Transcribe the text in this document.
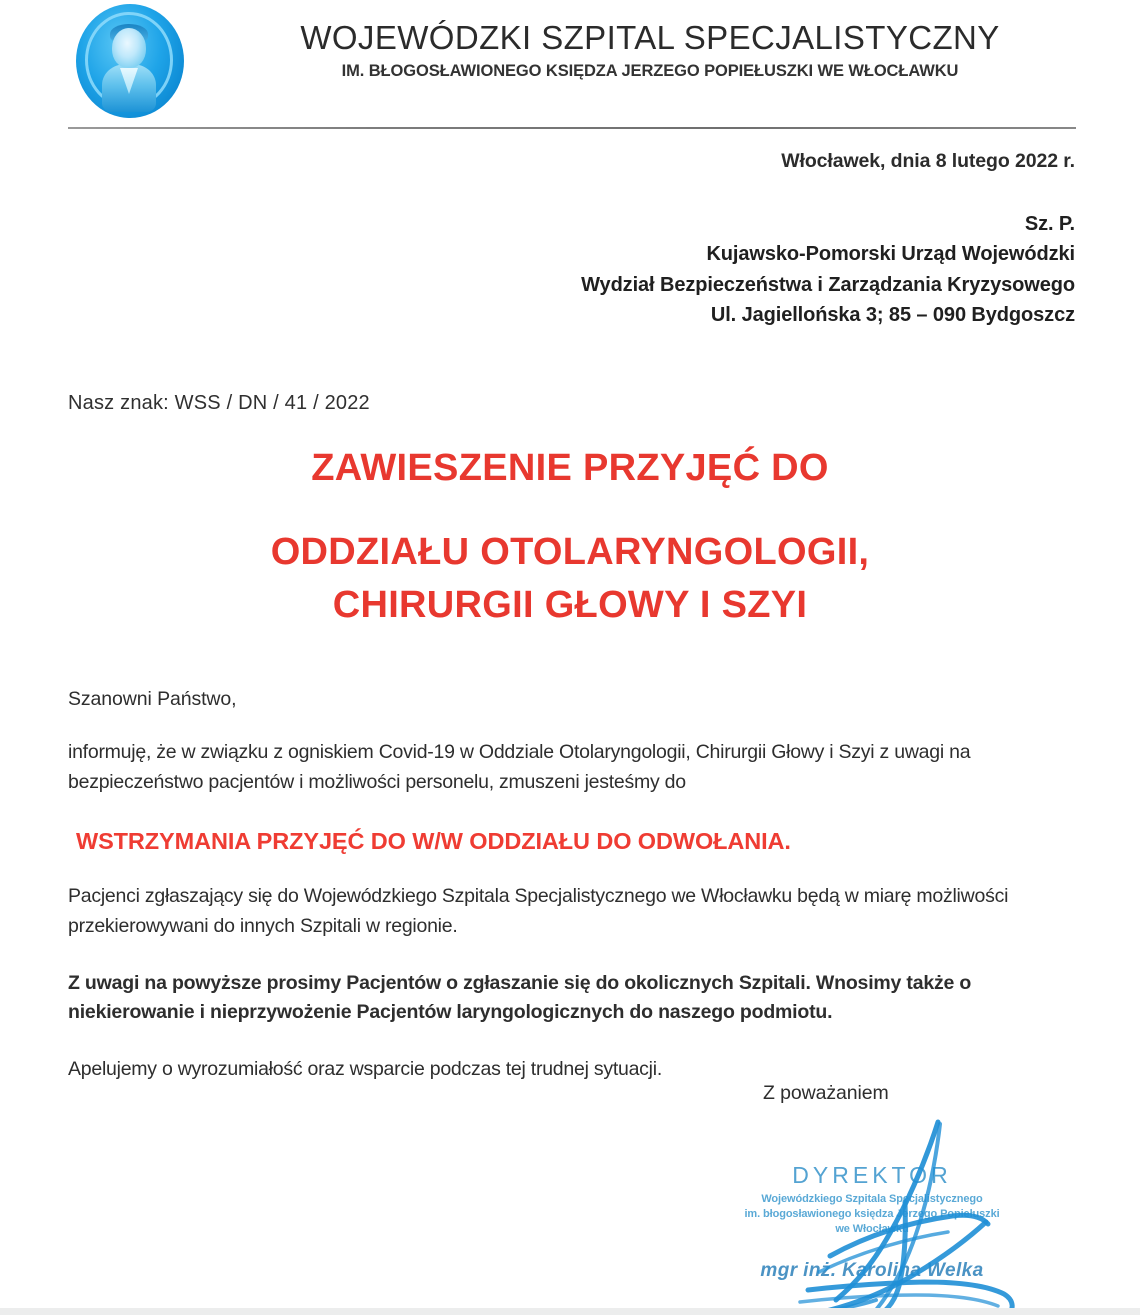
WOJEWÓDZKI SZPITAL SPECJALISTYCZNY
IM. BŁOGOSŁAWIONEGO KSIĘDZA JERZEGO POPIEŁUSZKI WE WŁOCŁAWKU
Włocławek, dnia 8 lutego 2022 r.
Sz. P.
Kujawsko-Pomorski Urząd Wojewódzki
Wydział Bezpieczeństwa i Zarządzania Kryzysowego
Ul. Jagiellońska 3; 85 – 090 Bydgoszcz
Nasz znak: WSS / DN / 41 / 2022
ZAWIESZENIE PRZYJĘĆ DO
ODDZIAŁU OTOLARYNGOLOGII,
CHIRURGII GŁOWY I SZYI
Szanowni Państwo,
informuję, że w związku z ogniskiem Covid-19 w Oddziale Otolaryngologii, Chirurgii Głowy i Szyi z uwagi na bezpieczeństwo pacjentów i możliwości personelu, zmuszeni jesteśmy do
WSTRZYMANIA PRZYJĘĆ DO W/W ODDZIAŁU DO ODWOŁANIA.
Pacjenci zgłaszający się do Wojewódzkiego Szpitala Specjalistycznego we Włocławku będą w miarę możliwości przekierowywani do innych Szpitali w regionie.
Z uwagi na powyższe prosimy Pacjentów o zgłaszanie się do okolicznych Szpitali. Wnosimy także o niekierowanie i nieprzywożenie Pacjentów laryngologicznych do naszego podmiotu.
Apelujemy o wyrozumiałość oraz wsparcie podczas tej trudnej sytuacji.
Z poważaniem
DYREKTOR
Wojewódzkiego Szpitala Specjalistycznego
im. błogosławionego księdza Jerzego Popiełuszki
we Włocławku
mgr inż. Karolina Welka
